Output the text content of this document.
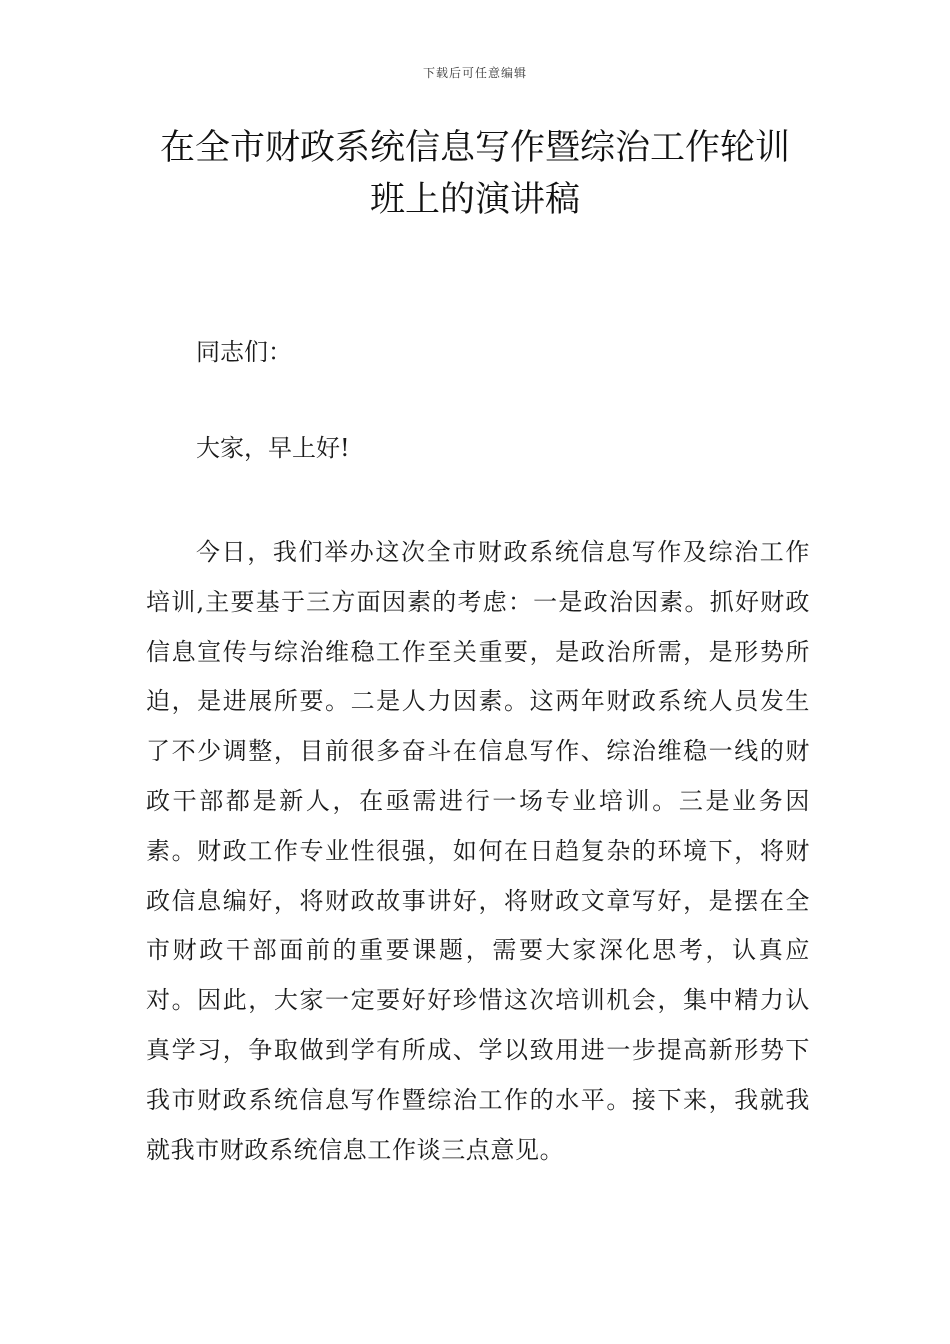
下载后可任意编辑
在全市财政系统信息写作暨综治工作轮训
班上的演讲稿
同志们：
大家，早上好!
今日，我们举办这次全市财政系统信息写作及综治工作培训,主要基于三方面因素的考虑：一是政治因素。抓好财政信息宣传与综治维稳工作至关重要，是政治所需，是形势所迫，是进展所要。二是人力因素。这两年财政系统人员发生了不少调整，目前很多奋斗在信息写作、综治维稳一线的财政干部都是新人，在亟需进行一场专业培训。三是业务因素。财政工作专业性很强，如何在日趋复杂的环境下，将财政信息编好，将财政故事讲好，将财政文章写好，是摆在全市财政干部面前的重要课题，需要大家深化思考，认真应对。因此，大家一定要好好珍惜这次培训机会，集中精力认真学习，争取做到学有所成、学以致用进一步提高新形势下我市财政系统信息写作暨综治工作的水平。接下来，我就我就我市财政系统信息工作谈三点意见。
